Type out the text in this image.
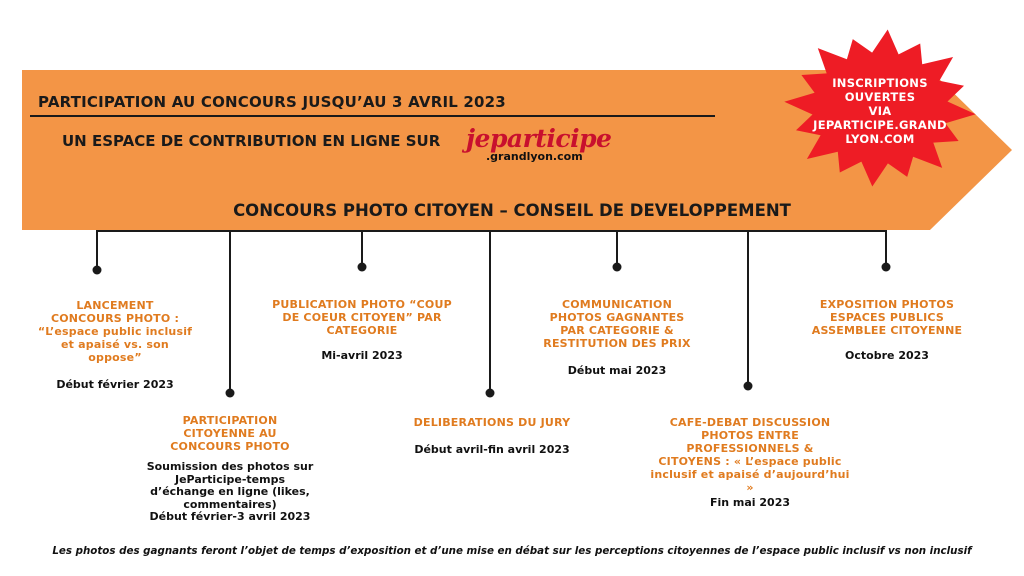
PARTICIPATION AU CONCOURS JUSQU’AU 3 AVRIL 2023
UN ESPACE DE CONTRIBUTION EN LIGNE SUR jeparticipe
.grandlyon.com
CONCOURS PHOTO CITOYEN – CONSEIL DE DEVELOPPEMENT
INSCRIPTIONS
OUVERTES
VIA
JEPARTICIPE.GRAND
LYON.COM
LANCEMENT
CONCOURS PHOTO :
“L’espace public inclusif
et apaisé vs. son
oppose”
Début février 2023
PARTICIPATION
CITOYENNE AU
CONCOURS PHOTO
Soumission des photos sur
JeParticipe-temps
d’échange en ligne (likes,
commentaires)
Début février-3 avril 2023
PUBLICATION PHOTO “COUP
DE COEUR CITOYEN” PAR
CATEGORIE
Mi-avril 2023
DELIBERATIONS DU JURY
Début avril-fin avril 2023
COMMUNICATION
PHOTOS GAGNANTES
PAR CATEGORIE &
RESTITUTION DES PRIX
Début mai 2023
CAFE-DEBAT DISCUSSION
PHOTOS ENTRE
PROFESSIONNELS &
CITOYENS : « L’espace public
inclusif et apaisé d’aujourd’hui
»
Fin mai 2023
EXPOSITION PHOTOS
ESPACES PUBLICS
ASSEMBLEE CITOYENNE
Octobre 2023
Les photos des gagnants feront l’objet de temps d’exposition et d’une mise en débat sur les perceptions citoyennes de l’espace public inclusif vs non inclusif
